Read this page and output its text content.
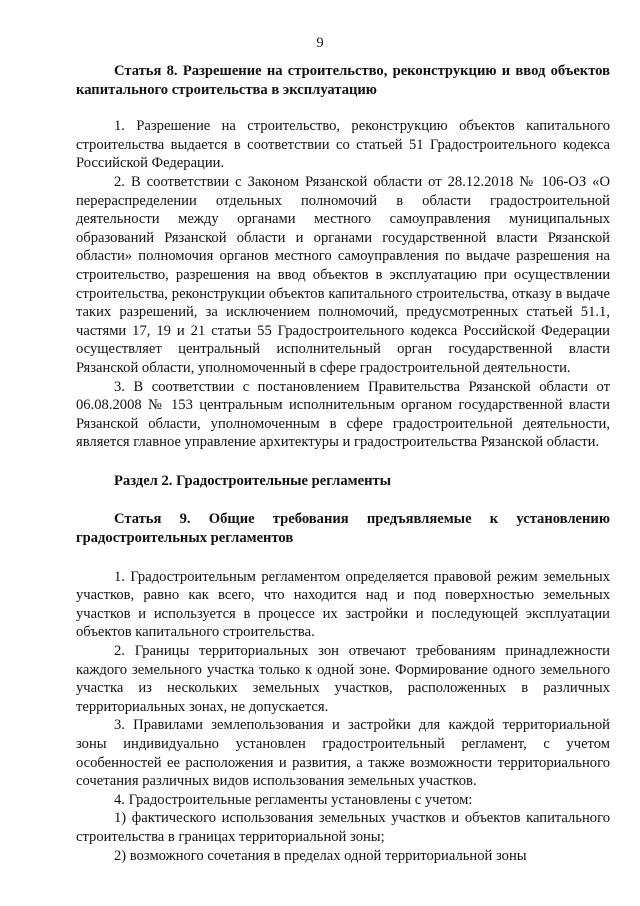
9

Статья 8. Разрешение на строительство, реконструкцию и ввод объектов капитального строительства в эксплуатацию

1. Разрешение на строительство, реконструкцию объектов капитального строительства выдается в соответствии со статьей 51 Градостроительного кодекса Российской Федерации.

2. В соответствии с Законом Рязанской области от 28.12.2018 № 106-ОЗ «О перераспределении отдельных полномочий в области градостроительной деятельности между органами местного самоуправления муниципальных образований Рязанской области и органами государственной власти Рязанской области» полномочия органов местного самоуправления по выдаче разрешения на строительство, разрешения на ввод объектов в эксплуатацию при осуществлении строительства, реконструкции объектов капитального строительства, отказу в выдаче таких разрешений, за исключением полномочий, предусмотренных статьей 51.1, частями 17, 19 и 21 статьи 55 Градостроительного кодекса Российской Федерации осуществляет центральный исполнительный орган государственной власти Рязанской области, уполномоченный в сфере градостроительной деятельности.

3. В соответствии с постановлением Правительства Рязанской области от 06.08.2008 № 153 центральным исполнительным органом государственной власти Рязанской области, уполномоченным в сфере градостроительной деятельности, является главное управление архитектуры и градостроительства Рязанской области.

Раздел 2. Градостроительные регламенты

Статья 9. Общие требования предъявляемые к установлению градостроительных регламентов

1. Градостроительным регламентом определяется правовой режим земельных участков, равно как всего, что находится над и под поверхностью земельных участков и используется в процессе их застройки и последующей эксплуатации объектов капитального строительства.

2. Границы территориальных зон отвечают требованиям принадлежности каждого земельного участка только к одной зоне. Формирование одного земельного участка из нескольких земельных участков, расположенных в различных территориальных зонах, не допускается.

3. Правилами землепользования и застройки для каждой территориальной зоны индивидуально установлен градостроительный регламент, с учетом особенностей ее расположения и развития, а также возможности территориального сочетания различных видов использования земельных участков.

4. Градостроительные регламенты установлены с учетом:

1) фактического использования земельных участков и объектов капитального строительства в границах территориальной зоны;

2) возможного сочетания в пределах одной территориальной зоны
